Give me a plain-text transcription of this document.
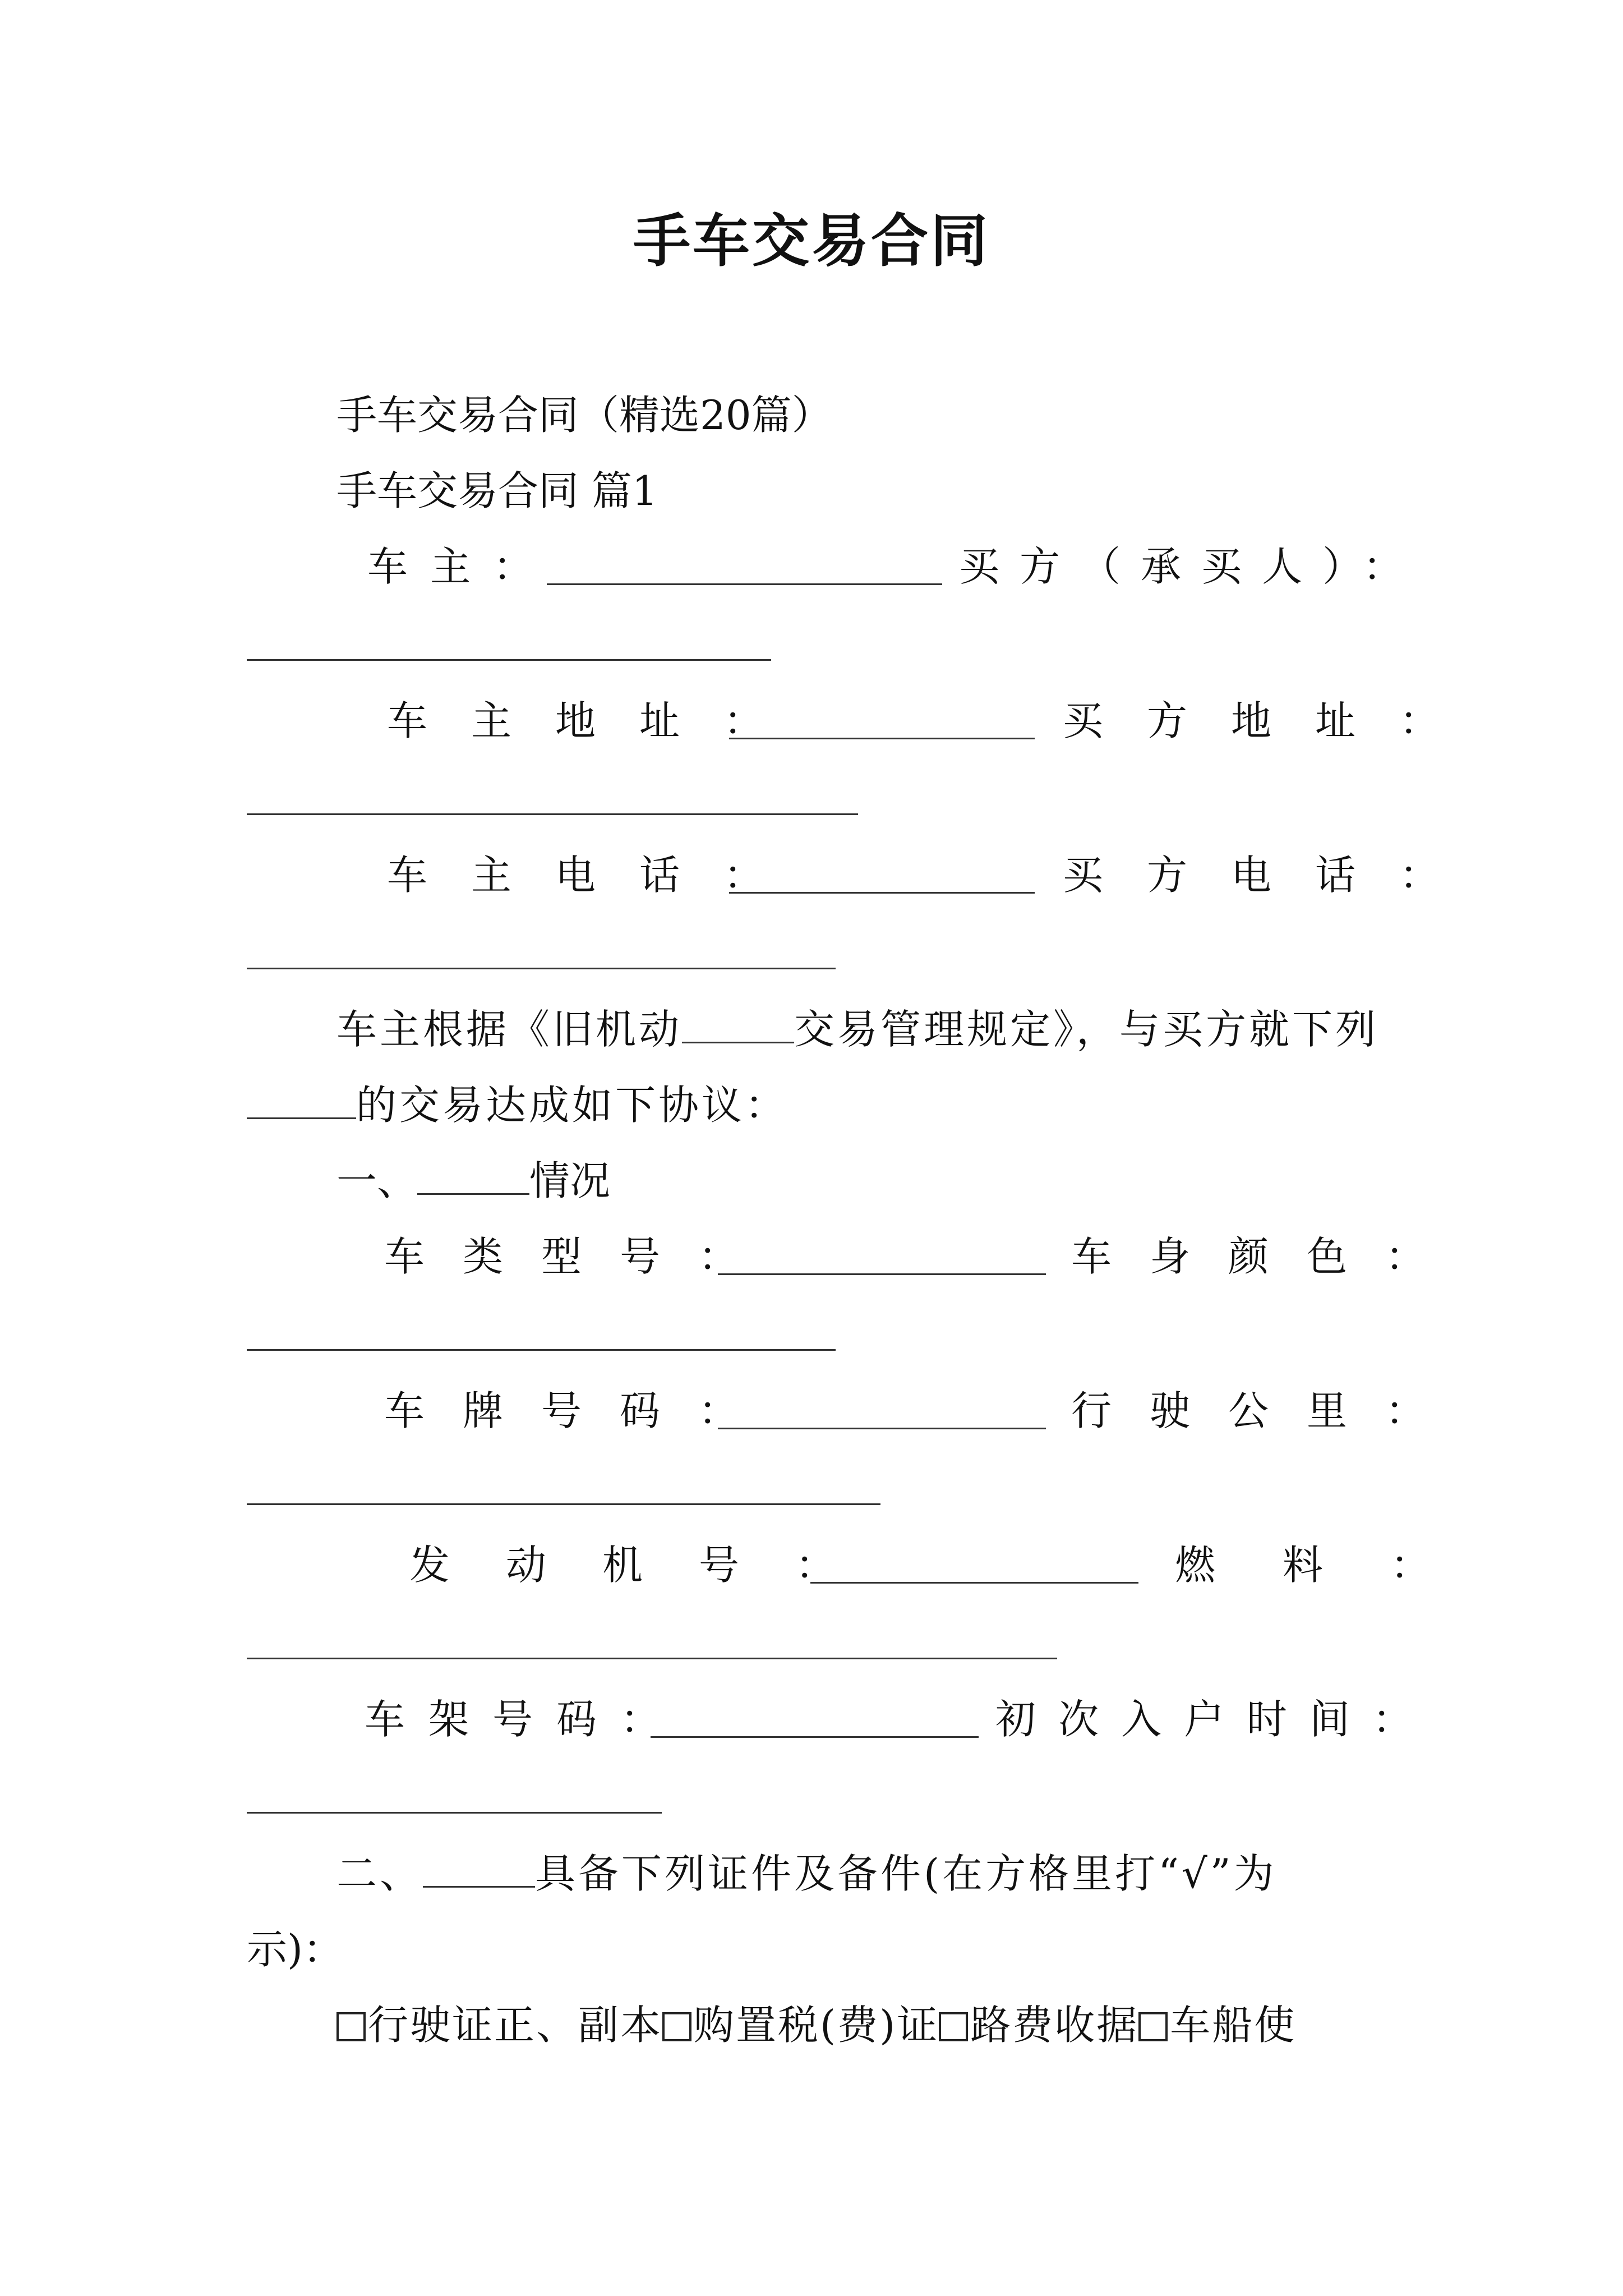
手车交易合同
手车交易合同（精选20篇）
手车交易合同 篇1
车主：	买方（承买人）：
车主地址：	买方地址：
车主电话：	买方电话：
车主根据《旧机动	交易管理规定》，与买方就下列
的交易达成如下协议：
一、	情况
车类型号：	车身颜色：
车牌号码：	行驶公里：
发动机号：	燃料：
车架号码：	初次入户时间：
二、	具备下列证件及备件(在方格里打“√”为
示)：
行驶证正、副本 购置税(费)证 路费收据 车船使
